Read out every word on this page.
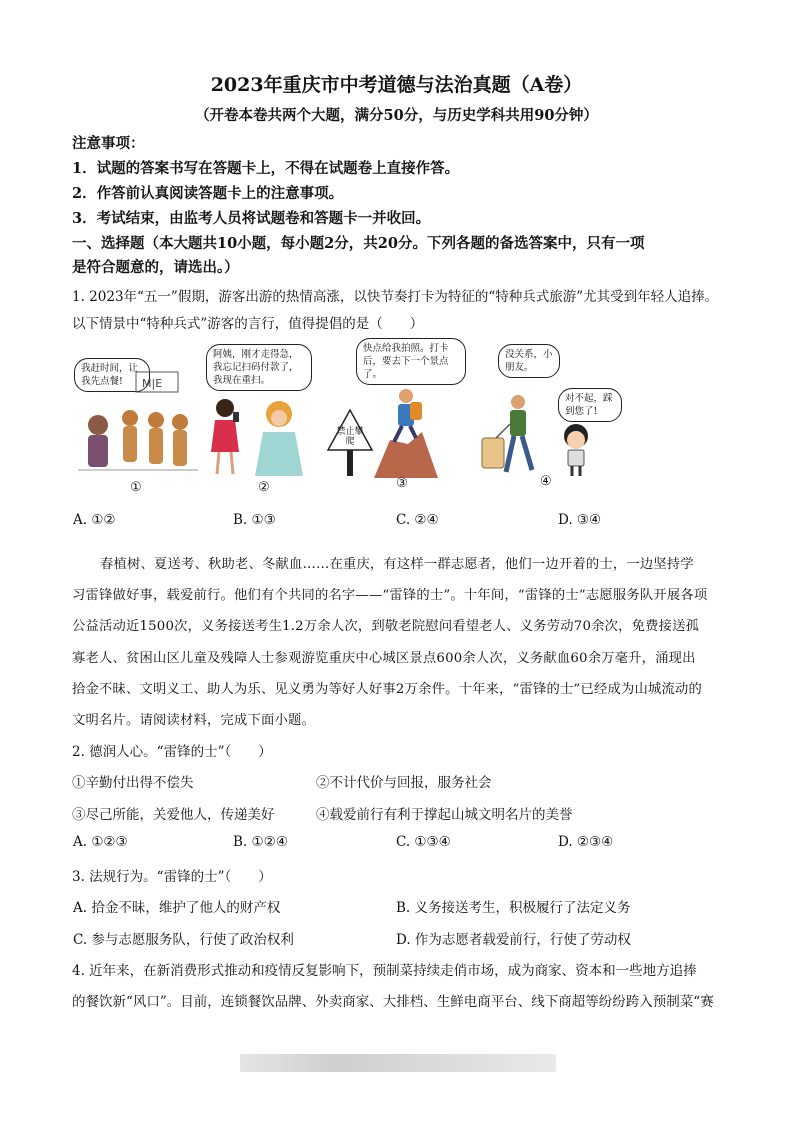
2023年重庆市中考道德与法治真题（A卷）
（开卷本卷共两个大题，满分50分，与历史学科共用90分钟）
注意事项：
1．试题的答案书写在答题卡上，不得在试题卷上直接作答。
2．作答前认真阅读答题卡上的注意事项。
3．考试结束，由监考人员将试题卷和答题卡一并收回。
一、选择题（本大题共10小题，每小题2分，共20分。下列各题的备选答案中，只有一项
是符合题意的，请选出。）
1. 2023年“五一”假期，游客出游的热情高涨，以快节奏打卡为特征的“特种兵式旅游”尤其受到年轻人追捧。
以下情景中“特种兵式”游客的言行，值得提倡的是（　　）
我赶时间，让我先点餐!	M|E
①
阿姨，刚才走得急，我忘记扫码付款了，我现在重扫。
②
快点给我拍照。打卡后，要去下一个景点了。
禁止攀爬
③
没关系，小朋友。
对不起，踩到您了!
④
A. ①②	B. ①③	C. ②④	D. ③④
春植树、夏送考、秋助老、冬献血……在重庆，有这样一群志愿者，他们一边开着的士，一边坚持学
习雷锋做好事，载爱前行。他们有个共同的名字——“雷锋的士”。十年间，“雷锋的士”志愿服务队开展各项
公益活动近1500次，义务接送考生1.2万余人次，到敬老院慰问看望老人、义务劳动70余次，免费接送孤
寡老人、贫困山区儿童及残障人士参观游览重庆中心城区景点600余人次，义务献血60余万毫升，涌现出
拾金不昧、文明义工、助人为乐、见义勇为等好人好事2万余件。十年来，“雷锋的士”已经成为山城流动的
文明名片。请阅读材料，完成下面小题。
2. 德润人心。“雷锋的士”（　　）
①辛勤付出得不偿失	②不计代价与回报，服务社会
③尽己所能，关爱他人，传递美好	④载爱前行有利于撑起山城文明名片的美誉
A. ①②③	B. ①②④	C. ①③④	D. ②③④
3. 法规行为。“雷锋的士”（　　）
A. 拾金不昧，维护了他人的财产权	B. 义务接送考生，积极履行了法定义务
C. 参与志愿服务队，行使了政治权利	D. 作为志愿者载爱前行，行使了劳动权
4. 近年来，在新消费形式推动和疫情反复影响下，预制菜持续走俏市场，成为商家、资本和一些地方追捧
的餐饮新“风口”。目前，连锁餐饮品牌、外卖商家、大排档、生鲜电商平台、线下商超等纷纷跨入预制菜“赛
